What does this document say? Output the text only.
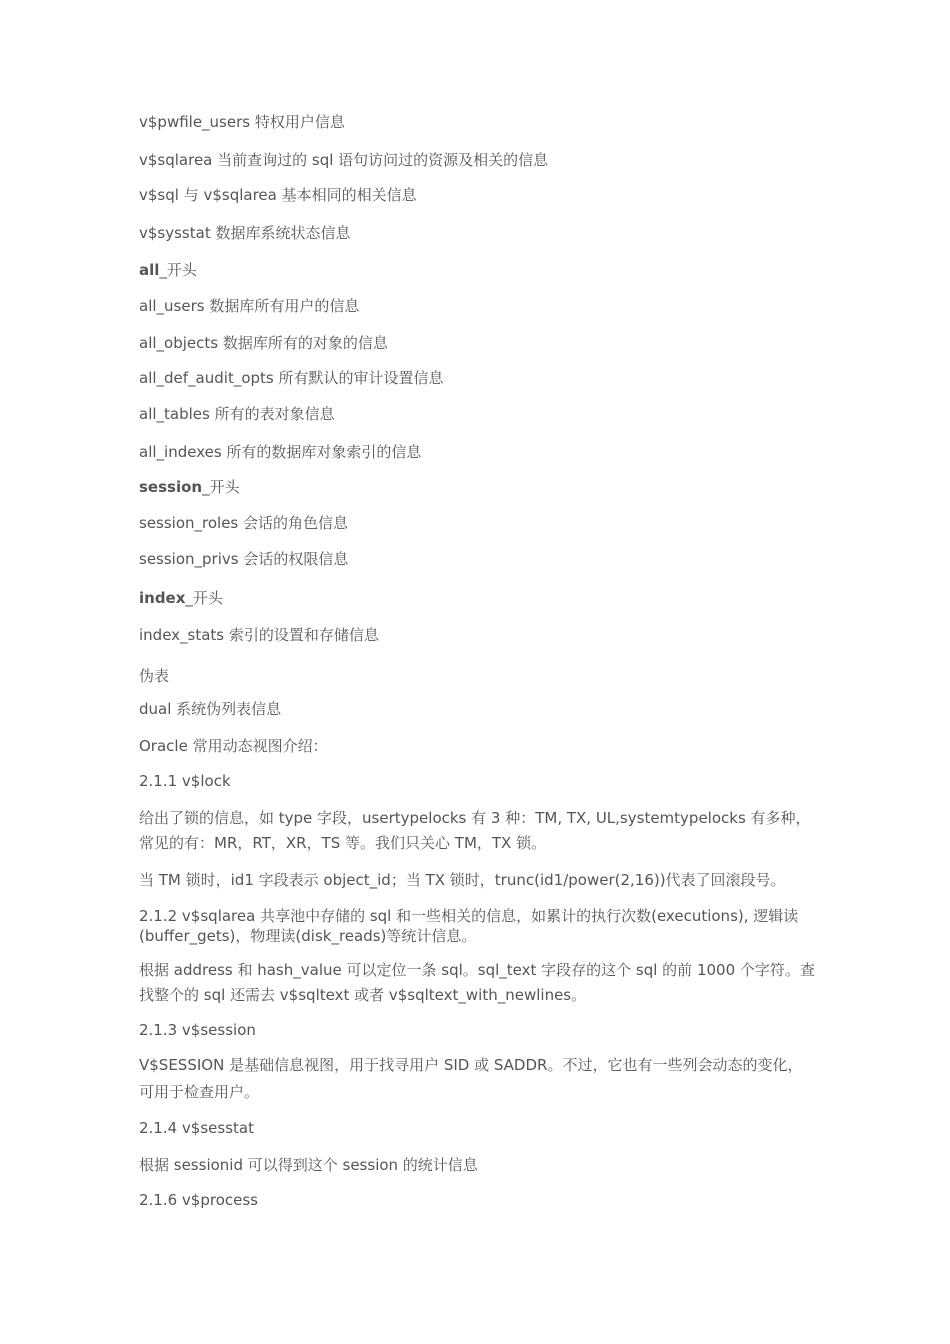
v$pwfile_users 特权用户信息
v$sqlarea 当前查询过的 sql 语句访问过的资源及相关的信息
v$sql 与 v$sqlarea 基本相同的相关信息
v$sysstat 数据库系统状态信息
all_开头
all_users 数据库所有用户的信息
all_objects 数据库所有的对象的信息
all_def_audit_opts 所有默认的审计设置信息
all_tables 所有的表对象信息
all_indexes 所有的数据库对象索引的信息
session_开头
session_roles 会话的角色信息
session_privs 会话的权限信息
index_开头
index_stats 索引的设置和存储信息
伪表
dual 系统伪列表信息
Oracle 常用动态视图介绍：
2.1.1 v$lock
给出了锁的信息，如 type 字段，usertypelocks 有 3 种：TM, TX, UL,systemtypelocks 有多种，常见的有：MR，RT，XR，TS 等。我们只关心 TM，TX 锁。
当 TM 锁时，id1 字段表示 object_id；当 TX 锁时，trunc(id1/power(2,16))代表了回滚段号。
2.1.2 v$sqlarea 共享池中存储的 sql 和一些相关的信息，如累计的执行次数(executions), 逻辑读(buffer_gets)，物理读(disk_reads)等统计信息。
根据 address 和 hash_value 可以定位一条 sql。sql_text 字段存的这个 sql 的前 1000 个字符。查找整个的 sql 还需去 v$sqltext 或者 v$sqltext_with_newlines。
2.1.3 v$session
V$SESSION 是基础信息视图，用于找寻用户 SID 或 SADDR。不过，它也有一些列会动态的变化，可用于检查用户。
2.1.4 v$sesstat
根据 sessionid 可以得到这个 session 的统计信息
2.1.6 v$process
